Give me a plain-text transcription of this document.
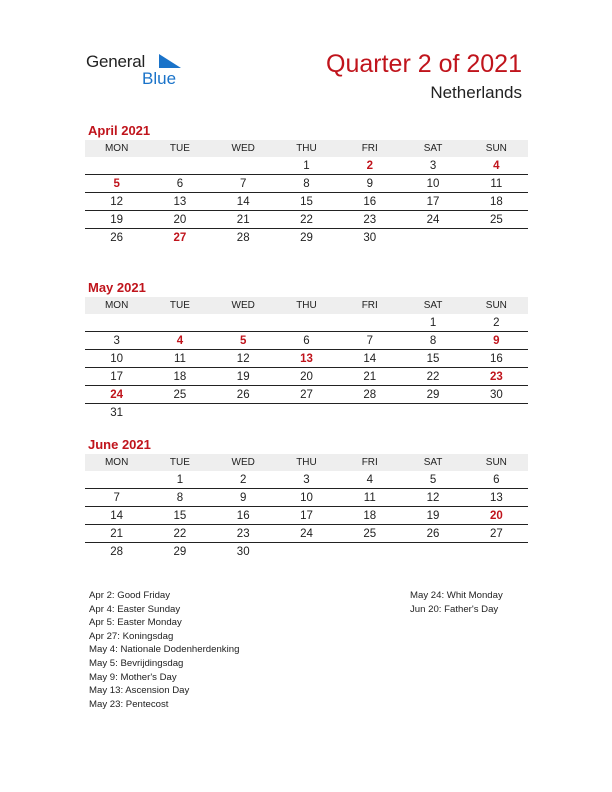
General
Blue
Quarter 2 of 2021
Netherlands
April 2021
MON	TUE	WED	THU	FRI	SAT	SUN
			1	2	3	4
5	6	7	8	9	10	11
12	13	14	15	16	17	18
19	20	21	22	23	24	25
26	27	28	29	30		
May 2021
MON	TUE	WED	THU	FRI	SAT	SUN
					1	2
3	4	5	6	7	8	9
10	11	12	13	14	15	16
17	18	19	20	21	22	23
24	25	26	27	28	29	30
31						
June 2021
MON	TUE	WED	THU	FRI	SAT	SUN
	1	2	3	4	5	6
7	8	9	10	11	12	13
14	15	16	17	18	19	20
21	22	23	24	25	26	27
28	29	30				
Apr 2: Good Friday
Apr 4: Easter Sunday
Apr 5: Easter Monday
Apr 27: Koningsdag
May 4: Nationale Dodenherdenking
May 5: Bevrijdingsdag
May 9: Mother's Day
May 13: Ascension Day
May 23: Pentecost
May 24: Whit Monday
Jun 20: Father's Day
